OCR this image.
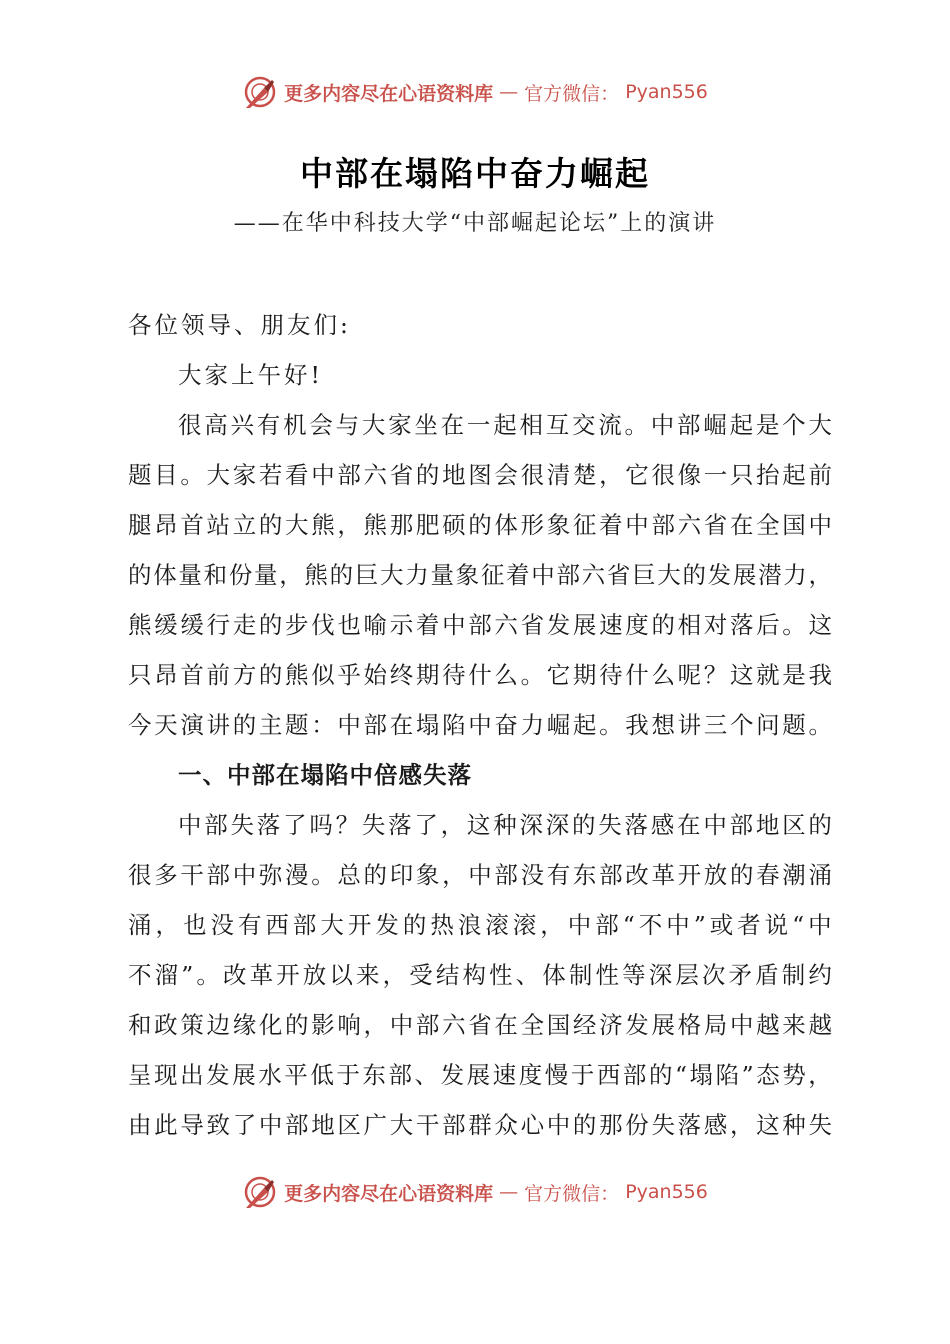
更多内容尽在心语资料库 — 官方微信： Pyan556
中部在塌陷中奋力崛起
——在华中科技大学“中部崛起论坛”上的演讲
各位领导、朋友们:
大家上午好!
很 高 兴 有 机 会 与 大 家 坐 在 一 起 相 互 交 流 。 中 部 崛 起 是 个 大
题 目 。 大 家 若 看 中 部 六 省 的 地 图 会 很 清 楚 ， 它 很 像 一 只 抬 起 前
腿 昂 首 站 立 的 大 熊 ， 熊 那 肥 硕 的 体 形 象 征 着 中 部 六 省 在 全 国 中
的 体 量 和 份 量 ， 熊 的 巨 大 力 量 象 征 着 中 部 六 省 巨 大 的 发 展 潜 力 ，
熊 缓 缓 行 走 的 步 伐 也 喻 示 着 中 部 六 省 发 展 速 度 的 相 对 落 后 。 这
只 昂 首 前 方 的 熊 似 乎 始 终 期 待 什 么 。 它 期 待 什 么 呢 ？ 这 就 是 我
今 天 演 讲 的 主 题 ： 中 部 在 塌 陷 中 奋 力 崛 起 。 我 想 讲 三 个 问 题 。
一、中部在塌陷中倍感失落
中 部 失 落 了 吗 ？ 失 落 了 ， 这 种 深 深 的 失 落 感 在 中 部 地 区 的
很 多 干 部 中 弥 漫 。 总 的 印 象 ， 中 部 没 有 东 部 改 革 开 放 的 春 潮 涌
涌 ， 也 没 有 西 部 大 开 发 的 热 浪 滚 滚 ， 中 部 “ 不 中 ” 或 者 说 “ 中
不 溜 ” 。 改 革 开 放 以 来 ， 受 结 构 性 、 体 制 性 等 深 层 次 矛 盾 制 约
和 政 策 边 缘 化 的 影 响 ， 中 部 六 省 在 全 国 经 济 发 展 格 局 中 越 来 越
呈 现 出 发 展 水 平 低 于 东 部 、 发 展 速 度 慢 于 西 部 的 “ 塌 陷 ” 态 势 ，
由 此 导 致 了 中 部 地 区 广 大 干 部 群 众 心 中 的 那 份 失 落 感 ， 这 种 失
更多内容尽在心语资料库 — 官方微信： Pyan556
